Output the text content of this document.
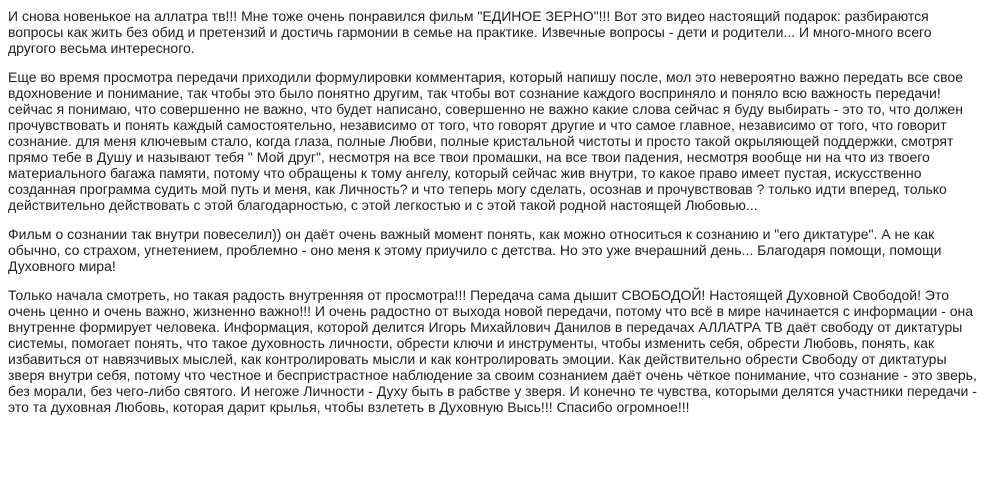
И снова новенькое на аллатра тв!!! Мне тоже очень понравился фильм "ЕДИНОЕ ЗЕРНО"!!! Вот это видео настоящий подарок: разбираются вопросы как жить без обид и претензий и достичь гармонии в семье на практике. Извечные вопросы - дети и родители... И много-много всего другого весьма интересного.

Еще во время просмотра передачи приходили формулировки комментария, который напишу после, мол это невероятно важно передать все свое вдохновение и понимание, так чтобы это было понятно другим, так чтобы вот сознание каждого восприняло и поняло всю важность передачи! сейчас я понимаю, что совершенно не важно, что будет написано, совершенно не важно какие слова сейчас я буду выбирать - это то, что должен прочувствовать и понять каждый самостоятельно, независимо от того, что говорят другие и что самое главное, независимо от того, что говорит сознание. для меня ключевым стало, когда глаза, полные Любви, полные кристальной чистоты и просто такой окрыляющей поддержки, смотрят прямо тебе в Душу и называют тебя " Мой друг", несмотря на все твои промашки, на все твои падения, несмотря вообще ни на что из твоего материального багажа памяти, потому что обращены к тому ангелу, который сейчас жив внутри, то какое право имеет пустая, искусственно созданная программа судить мой путь и меня, как Личность? и что теперь могу сделать, осознав и прочувствовав ? только идти вперед, только действительно действовать с этой благодарностью, с этой легкостью и с этой такой родной настоящей Любовью...

Фильм о сознании так внутри повеселил)) он даёт очень важный момент понять, как можно относиться к сознанию и "его диктатуре". А не как обычно, со страхом, угнетением, проблемно - оно меня к этому приучило с детства. Но это уже вчерашний день... Благодаря помощи, помощи Духовного мира!

Только начала смотреть, но такая радость внутренняя от просмотра!!! Передача сама дышит СВОБОДОЙ! Настоящей Духовной Свободой! Это очень ценно и очень важно, жизненно важно!!! И очень радостно от выхода новой передачи, потому что всё в мире начинается с информации - она внутренне формирует человека. Информация, которой делится Игорь Михайлович Данилов в передачах АЛЛАТРА ТВ даёт свободу от диктатуры системы, помогает понять, что такое духовность личности, обрести ключи и инструменты, чтобы изменить себя, обрести Любовь, понять, как избавиться от навязчивых мыслей, как контролировать мысли и как контролировать эмоции. Как действительно обрести Свободу от диктатуры зверя внутри себя, потому что честное и беспристрастное наблюдение за своим сознанием даёт очень чёткое понимание, что сознание - это зверь, без морали, без чего-либо святого. И негоже Личности - Духу быть в рабстве у зверя. И конечно те чувства, которыми делятся участники передачи - это та духовная Любовь, которая дарит крылья, чтобы взлететь в Духовную Высь!!! Спасибо огромное!!!
